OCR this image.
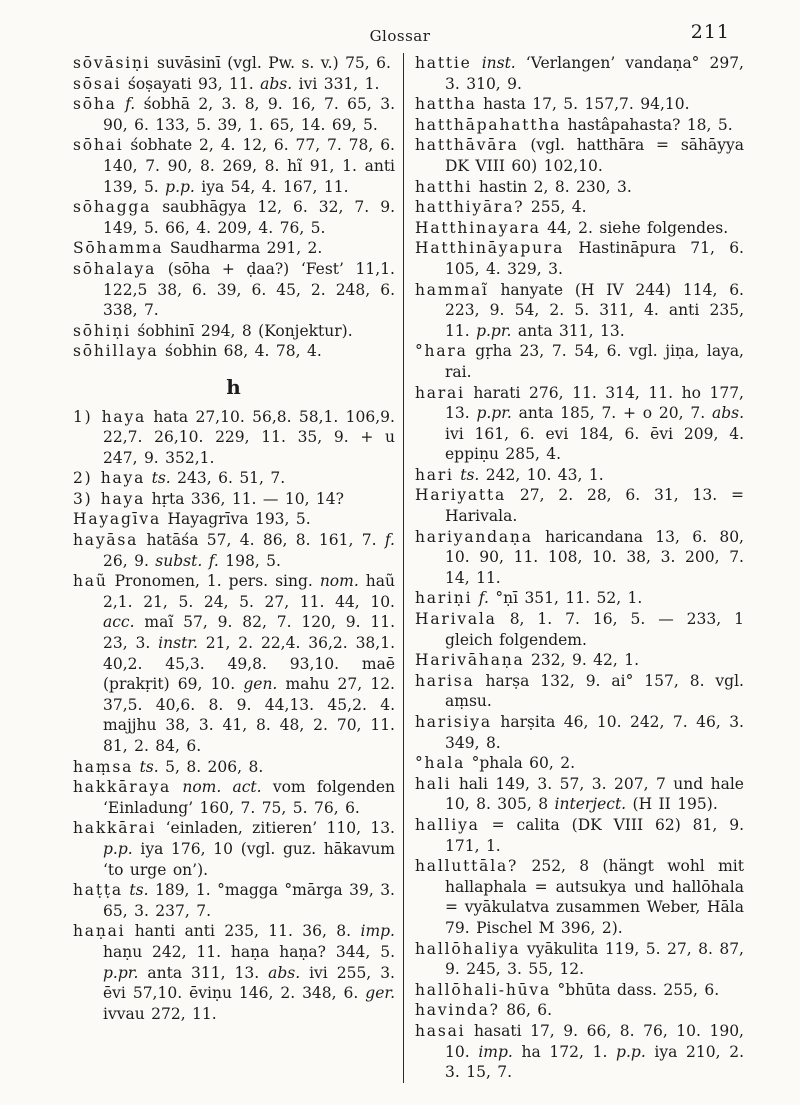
Glossar	211

sōvāsiṇi suvāsinī (vgl. Pw. s. v.) 75, 6.

sōsai śoṣayati 93, 11. abs. ivi 331, 1.

sōha f. śobhā 2, 3. 8, 9. 16, 7. 65, 3. 90, 6. 133, 5. 39, 1. 65, 14. 69, 5.

sōhai śobhate 2, 4. 12, 6. 77, 7. 78, 6. 140, 7. 90, 8. 269, 8. hĩ 91, 1. anti 139, 5. p.p. iya 54, 4. 167, 11.

sōhagga saubhāgya 12, 6. 32, 7. 9. 149, 5. 66, 4. 209, 4. 76, 5.

Sōhamma Saudharma 291, 2.

sōhalaya (sōha + ḍaa?) ‘Fest’ 11,1. 122,5 38, 6. 39, 6. 45, 2. 248, 6. 338, 7.

sōhiṇi śobhinī 294, 8 (Konjektur).

sōhillaya śobhin 68, 4. 78, 4.

h

1) haya hata 27,10. 56,8. 58,1. 106,9. 22,7. 26,10. 229, 11. 35, 9. + u 247, 9. 352,1.

2) haya ts. 243, 6. 51, 7.

3) haya hṛta 336, 11. — 10, 14?

Hayagīva Hayagrīva 193, 5.

hayāsa hatāśa 57, 4. 86, 8. 161, 7. f. 26, 9. subst. f. 198, 5.

haũ Pronomen, 1. pers. sing. nom. haũ 2,1. 21, 5. 24, 5. 27, 11. 44, 10. acc. maĩ 57, 9. 82, 7. 120, 9. 11. 23, 3. instr. 21, 2. 22,4. 36,2. 38,1. 40,2. 45,3. 49,8. 93,10. maē (prakṛit) 69, 10. gen. mahu 27, 12. 37,5. 40,6. 8. 9. 44,13. 45,2. 4. majjhu 38, 3. 41, 8. 48, 2. 70, 11. 81, 2. 84, 6.

haṃsa ts. 5, 8. 206, 8.

hakkāraya nom. act. vom folgenden ‘Einladung’ 160, 7. 75, 5. 76, 6.

hakkārai ‘einladen, zitieren’ 110, 13. p.p. iya 176, 10 (vgl. guz. hākavum ‘to urge on’).

haṭṭa ts. 189, 1. °magga °mārga 39, 3. 65, 3. 237, 7.

haṇai hanti anti 235, 11. 36, 8. imp. haṇu 242, 11. haṇa haṇa? 344, 5. p.pr. anta 311, 13. abs. ivi 255, 3. ēvi 57,10. ēviṇu 146, 2. 348, 6. ger. ivvau 272, 11.

hattie inst. ‘Verlangen’ vandaṇa° 297, 3. 310, 9.

hattha hasta 17, 5. 157,7. 94,10.

hatthāpahattha hastâpahasta? 18, 5.

hatthāvāra (vgl. hatthāra = sāhāyya DK VIII 60) 102,10.

hatthi hastin 2, 8. 230, 3.

hatthiyāra? 255, 4.

Hatthinayara 44, 2. siehe folgendes.

Hatthināyapura Hastināpura 71, 6. 105, 4. 329, 3.

hammaĩ hanyate (H IV 244) 114, 6. 223, 9. 54, 2. 5. 311, 4. anti 235, 11. p.pr. anta 311, 13.

°hara gṛha 23, 7. 54, 6. vgl. jiṇa, laya, rai.

harai harati 276, 11. 314, 11. ho 177, 13. p.pr. anta 185, 7. + o 20, 7. abs. ivi 161, 6. evi 184, 6. ēvi 209, 4. eppiṇu 285, 4.

hari ts. 242, 10. 43, 1.

Hariyatta 27, 2. 28, 6. 31, 13. = Harivala.

hariyandaṇa haricandana 13, 6. 80, 10. 90, 11. 108, 10. 38, 3. 200, 7. 14, 11.

hariṇi f. °ṇī 351, 11. 52, 1.

Harivala 8, 1. 7. 16, 5. — 233, 1 gleich folgendem.

Harivāhaṇa 232, 9. 42, 1.

harisa harṣa 132, 9. ai° 157, 8. vgl. aṃsu.

harisiya harṣita 46, 10. 242, 7. 46, 3. 349, 8.

°hala °phala 60, 2.

hali hali 149, 3. 57, 3. 207, 7 und hale 10, 8. 305, 8 interject. (H II 195).

halliya = calita (DK VIII 62) 81, 9. 171, 1.

halluttāla? 252, 8 (hängt wohl mit hallaphala = autsukya und hallōhala = vyākulatva zusammen Weber, Hāla 79. Pischel M 396, 2).

hallōhaliya vyākulita 119, 5. 27, 8. 87, 9. 245, 3. 55, 12.

hallōhali-hūva °bhūta dass. 255, 6.

havinda? 86, 6.

hasai hasati 17, 9. 66, 8. 76, 10. 190, 10. imp. ha 172, 1. p.p. iya 210, 2. 3. 15, 7.
